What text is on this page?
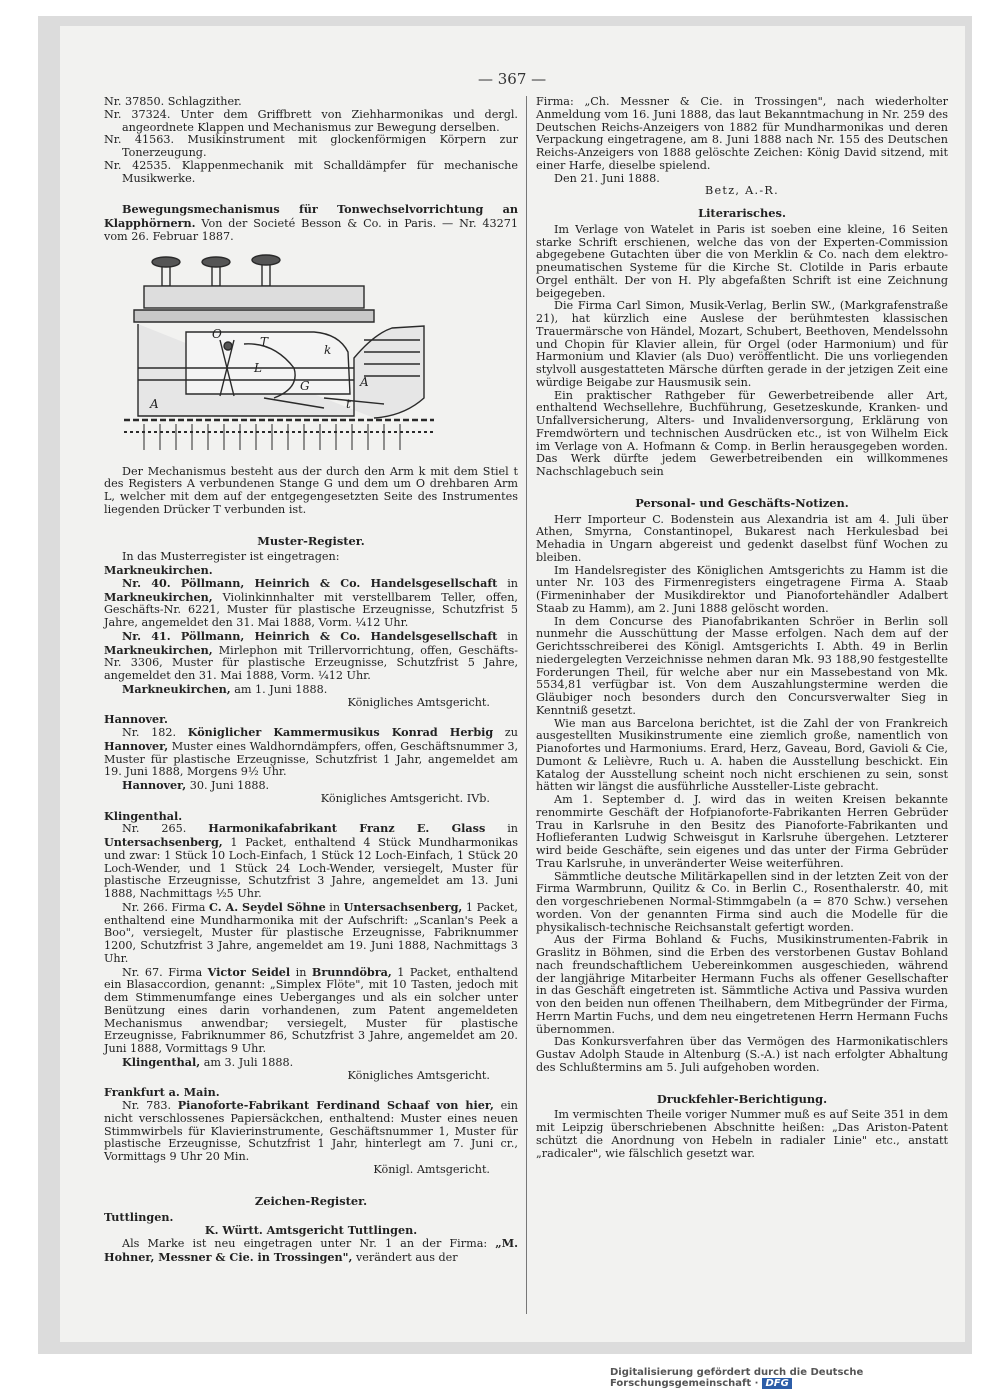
— 367 —

Nr. 37850. Schlagzither.

Nr. 37324. Unter dem Griffbrett von Ziehharmonikas und dergl. angeordnete Klappen und Mechanismus zur Bewegung derselben.

Nr. 41563. Musikinstrument mit glockenförmigen Körpern zur Tonerzeugung.

Nr. 42535. Klappenmechanik mit Schalldämpfer für mechanische Musikwerke.

Bewegungsmechanismus für Tonwechselvorrichtung an Klapphörnern. Von der Societé Besson & Co. in Paris. — Nr. 43271 vom 26. Februar 1887.

O
T
k
A
G
L
t
A

Der Mechanismus besteht aus der durch den Arm k mit dem Stiel t des Registers A verbundenen Stange G und dem um O drehbaren Arm L, welcher mit dem auf der entgegengesetzten Seite des Instrumentes liegenden Drücker T verbunden ist.

Muster-Register.

In das Musterregister ist eingetragen:

Markneukirchen.

Nr. 40. Pöllmann, Heinrich & Co. Handelsgesellschaft in Markneukirchen, Violinkinnhalter mit verstellbarem Teller, offen, Geschäfts-Nr. 6221, Muster für plastische Erzeugnisse, Schutzfrist 5 Jahre, angemeldet den 31. Mai 1888, Vorm. ¼12 Uhr.

Nr. 41. Pöllmann, Heinrich & Co. Handelsgesellschaft in Markneukirchen, Mirlephon mit Trillervorrichtung, offen, Geschäfts-Nr. 3306, Muster für plastische Erzeugnisse, Schutzfrist 5 Jahre, angemeldet den 31. Mai 1888, Vorm. ¼12 Uhr.

Markneukirchen, am 1. Juni 1888.

Königliches Amtsgericht.

Hannover.

Nr. 182. Königlicher Kammermusikus Konrad Herbig zu Hannover, Muster eines Waldhorndämpfers, offen, Geschäftsnummer 3, Muster für plastische Erzeugnisse, Schutzfrist 1 Jahr, angemeldet am 19. Juni 1888, Morgens 9½ Uhr.

Hannover, 30. Juni 1888.

Königliches Amtsgericht. IVb.

Klingenthal.

Nr. 265. Harmonikafabrikant Franz E. Glass in Untersachsenberg, 1 Packet, enthaltend 4 Stück Mundharmonikas und zwar: 1 Stück 10 Loch-Einfach, 1 Stück 12 Loch-Einfach, 1 Stück 20 Loch-Wender, und 1 Stück 24 Loch-Wender, versiegelt, Muster für plastische Erzeugnisse, Schutzfrist 3 Jahre, angemeldet am 13. Juni 1888, Nachmittags ½5 Uhr.

Nr. 266. Firma C. A. Seydel Söhne in Untersachsenberg, 1 Packet, enthaltend eine Mundharmonika mit der Aufschrift: „Scanlan's Peek a Boo", versiegelt, Muster für plastische Erzeugnisse, Fabriknummer 1200, Schutzfrist 3 Jahre, angemeldet am 19. Juni 1888, Nachmittags 3 Uhr.

Nr. 67. Firma Victor Seidel in Brunndöbra, 1 Packet, enthaltend ein Blasaccordion, genannt: „Simplex Flöte", mit 10 Tasten, jedoch mit dem Stimmenumfange eines Ueberganges und als ein solcher unter Benützung eines darin vorhandenen, zum Patent angemeldeten Mechanismus anwendbar; versiegelt, Muster für plastische Erzeugnisse, Fabriknummer 86, Schutzfrist 3 Jahre, angemeldet am 20. Juni 1888, Vormittags 9 Uhr.

Klingenthal, am 3. Juli 1888.

Königliches Amtsgericht.

Frankfurt a. Main.

Nr. 783. Pianoforte-Fabrikant Ferdinand Schaaf von hier, ein nicht verschlossenes Papiersäckchen, enthaltend: Muster eines neuen Stimmwirbels für Klavierinstrumente, Geschäftsnummer 1, Muster für plastische Erzeugnisse, Schutzfrist 1 Jahr, hinterlegt am 7. Juni cr., Vormittags 9 Uhr 20 Min.

Königl. Amtsgericht.

Zeichen-Register.

Tuttlingen.

K. Württ. Amtsgericht Tuttlingen.

Als Marke ist neu eingetragen unter Nr. 1 an der Firma: „M. Hohner, Messner & Cie. in Trossingen", verändert aus der

Firma: „Ch. Messner & Cie. in Trossingen", nach wiederholter Anmeldung vom 16. Juni 1888, das laut Bekanntmachung in Nr. 259 des Deutschen Reichs-Anzeigers von 1882 für Mundharmonikas und deren Verpackung eingetragene, am 8. Juni 1888 nach Nr. 155 des Deutschen Reichs-Anzeigers von 1888 gelöschte Zeichen: König David sitzend, mit einer Harfe, dieselbe spielend.

Den 21. Juni 1888.

Betz, A.-R.

Literarisches.

Im Verlage von Watelet in Paris ist soeben eine kleine, 16 Seiten starke Schrift erschienen, welche das von der Experten-Commission abgegebene Gutachten über die von Merklin & Co. nach dem elektro-pneumatischen Systeme für die Kirche St. Clotilde in Paris erbaute Orgel enthält. Der von H. Ply abgefaßten Schrift ist eine Zeichnung beigegeben.

Die Firma Carl Simon, Musik-Verlag, Berlin SW., (Markgrafenstraße 21), hat kürzlich eine Auslese der berühmtesten klassischen Trauermärsche von Händel, Mozart, Schubert, Beethoven, Mendelssohn und Chopin für Klavier allein, für Orgel (oder Harmonium) und für Harmonium und Klavier (als Duo) veröffentlicht. Die uns vorliegenden stylvoll ausgestatteten Märsche dürften gerade in der jetzigen Zeit eine würdige Beigabe zur Hausmusik sein.

Ein praktischer Rathgeber für Gewerbetreibende aller Art, enthaltend Wechsellehre, Buchführung, Gesetzeskunde, Kranken- und Unfallversicherung, Alters- und Invalidenversorgung, Erklärung von Fremdwörtern und technischen Ausdrücken etc., ist von Wilhelm Eick im Verlage von A. Hofmann & Comp. in Berlin herausgegeben worden. Das Werk dürfte jedem Gewerbetreibenden ein willkommenes Nachschlagebuch sein

Personal- und Geschäfts-Notizen.

Herr Importeur C. Bodenstein aus Alexandria ist am 4. Juli über Athen, Smyrna, Constantinopel, Bukarest nach Herkulesbad bei Mehadia in Ungarn abgereist und gedenkt daselbst fünf Wochen zu bleiben.

Im Handelsregister des Königlichen Amtsgerichts zu Hamm ist die unter Nr. 103 des Firmenregisters eingetragene Firma A. Staab (Firmeninhaber der Musikdirektor und Pianofortehändler Adalbert Staab zu Hamm), am 2. Juni 1888 gelöscht worden.

In dem Concurse des Pianofabrikanten Schröer in Berlin soll nunmehr die Ausschüttung der Masse erfolgen. Nach dem auf der Gerichtsschreiberei des Königl. Amtsgerichts I. Abth. 49 in Berlin niedergelegten Verzeichnisse nehmen daran Mk. 93 188,90 festgestellte Forderungen Theil, für welche aber nur ein Massebestand von Mk. 5534,81 verfügbar ist. Von dem Auszahlungstermine werden die Gläubiger noch besonders durch den Concursverwalter Sieg in Kenntniß gesetzt.

Wie man aus Barcelona berichtet, ist die Zahl der von Frankreich ausgestellten Musikinstrumente eine ziemlich große, namentlich von Pianofortes und Harmoniums. Erard, Herz, Gaveau, Bord, Gavioli & Cie, Dumont & Lelièvre, Ruch u. A. haben die Ausstellung beschickt. Ein Katalog der Ausstellung scheint noch nicht erschienen zu sein, sonst hätten wir längst die ausführliche Aussteller-Liste gebracht.

Am 1. September d. J. wird das in weiten Kreisen bekannte renommirte Geschäft der Hofpianoforte-Fabrikanten Herren Gebrüder Trau in Karlsruhe in den Besitz des Pianoforte-Fabrikanten und Hoflieferanten Ludwig Schweisgut in Karlsruhe übergehen. Letzterer wird beide Geschäfte, sein eigenes und das unter der Firma Gebrüder Trau Karlsruhe, in unveränderter Weise weiterführen.

Sämmtliche deutsche Militärkapellen sind in der letzten Zeit von der Firma Warmbrunn, Quilitz & Co. in Berlin C., Rosenthalerstr. 40, mit den vorgeschriebenen Normal-Stimmgabeln (a = 870 Schw.) versehen worden. Von der genannten Firma sind auch die Modelle für die physikalisch-technische Reichsanstalt gefertigt worden.

Aus der Firma Bohland & Fuchs, Musikinstrumenten-Fabrik in Graslitz in Böhmen, sind die Erben des verstorbenen Gustav Bohland nach freundschaftlichem Uebereinkommen ausgeschieden, während der langjährige Mitarbeiter Hermann Fuchs als offener Gesellschafter in das Geschäft eingetreten ist. Sämmtliche Activa und Passiva wurden von den beiden nun offenen Theilhabern, dem Mitbegründer der Firma, Herrn Martin Fuchs, und dem neu eingetretenen Herrn Hermann Fuchs übernommen.

Das Konkursverfahren über das Vermögen des Harmonikatischlers Gustav Adolph Staude in Altenburg (S.-A.) ist nach erfolgter Abhaltung des Schlußtermins am 5. Juli aufgehoben worden.

Druckfehler-Berichtigung.

Im vermischten Theile voriger Nummer muß es auf Seite 351 in dem mit Leipzig überschriebenen Abschnitte heißen: „Das Ariston-Patent schützt die Anordnung von Hebeln in radialer Linie" etc., anstatt „radicaler", wie fälschlich gesetzt war.

Digitalisierung gefördert durch die Deutsche Forschungsgemeinschaft · DFG
